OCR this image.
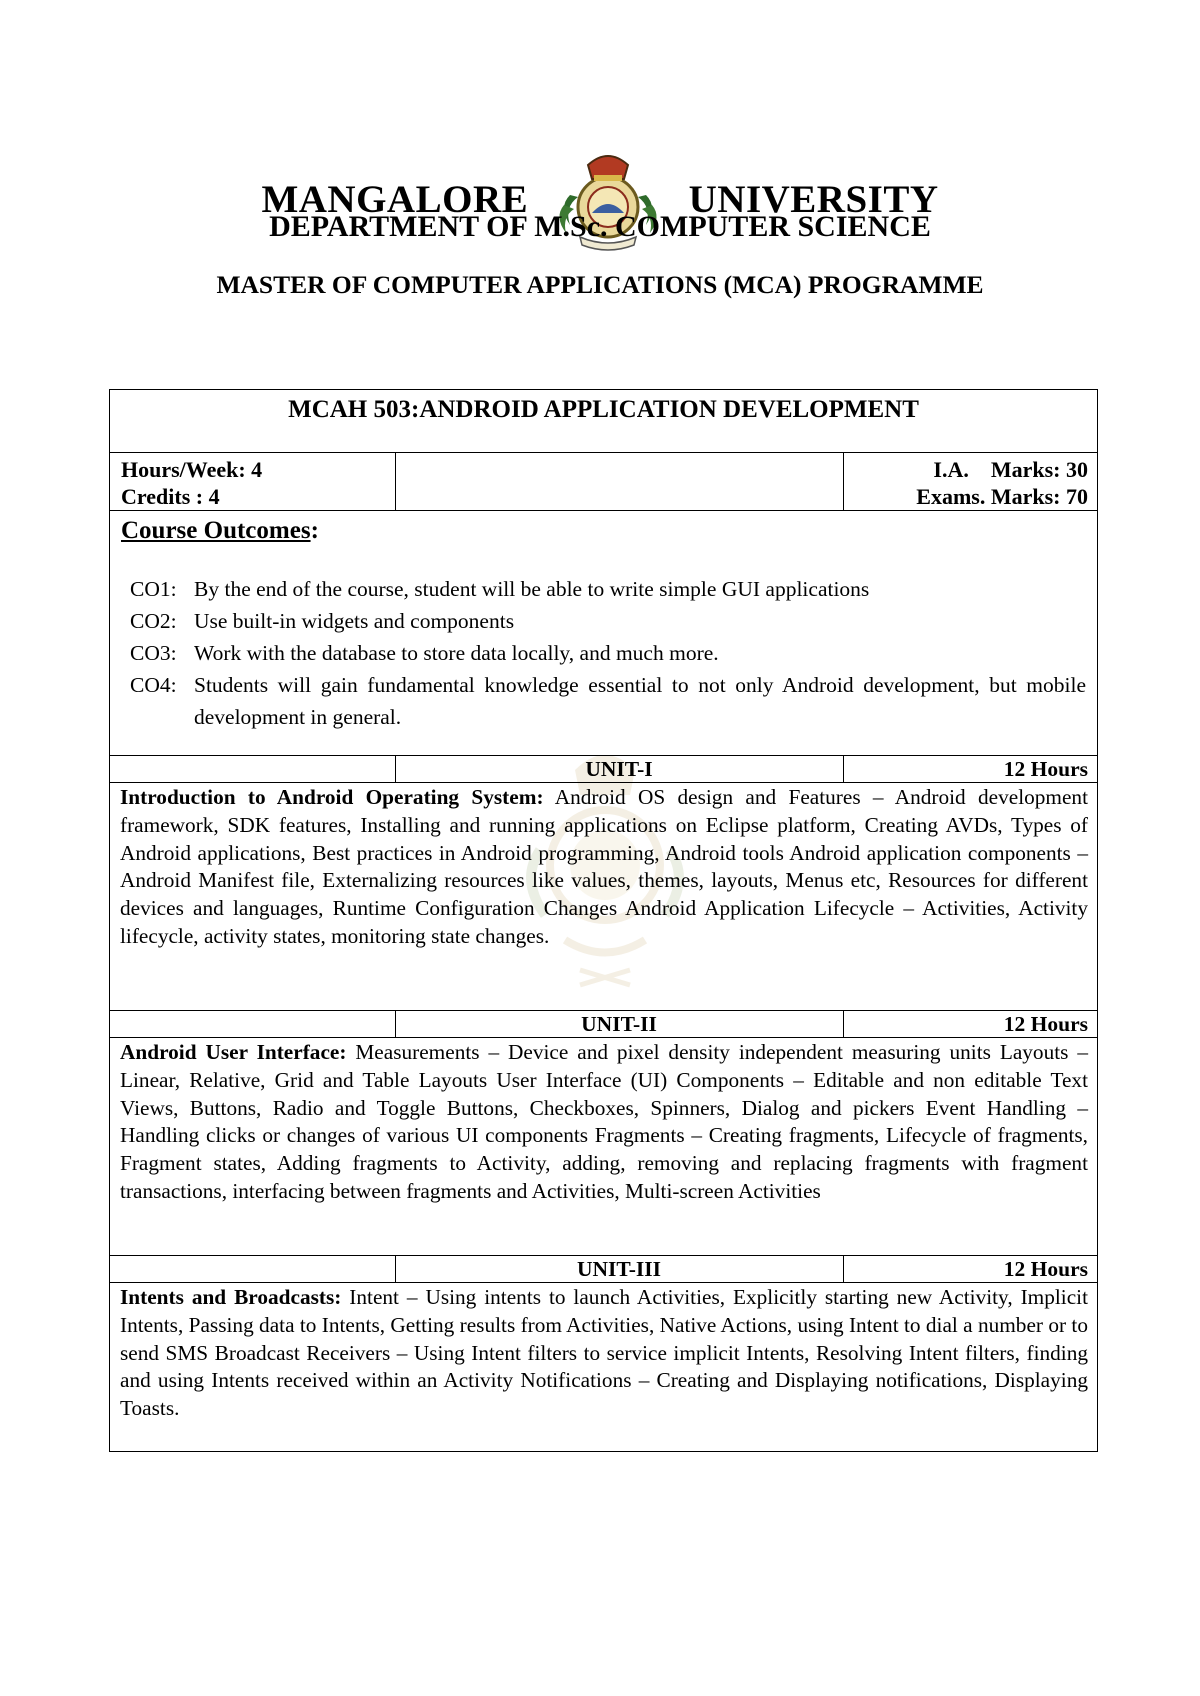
MANGALORE	UNIVERSITY
DEPARTMENT OF M.Sc. COMPUTER SCIENCE
MASTER OF COMPUTER APPLICATIONS (MCA) PROGRAMME
MCAH 503:ANDROID APPLICATION DEVELOPMENT
Hours/Week: 4
Credits : 4
I.A. Marks: 30
Exams. Marks: 70
Course Outcomes:
CO1: By the end of the course, student will be able to write simple GUI applications
CO2: Use built-in widgets and components
CO3: Work with the database to store data locally, and much more.
CO4: Students will gain fundamental knowledge essential to not only Android development, but mobile development in general.
UNIT-I	12 Hours
Introduction to Android Operating System: Android OS design and Features – Android development framework, SDK features, Installing and running applications on Eclipse platform, Creating AVDs, Types of Android applications, Best practices in Android programming, Android tools Android application components – Android Manifest file, Externalizing resources like values, themes, layouts, Menus etc, Resources for different devices and languages, Runtime Configuration Changes Android Application Lifecycle – Activities, Activity lifecycle, activity states, monitoring state changes.
UNIT-II	12 Hours
Android User Interface: Measurements – Device and pixel density independent measuring units Layouts – Linear, Relative, Grid and Table Layouts User Interface (UI) Components – Editable and non editable Text Views, Buttons, Radio and Toggle Buttons, Checkboxes, Spinners, Dialog and pickers Event Handling – Handling clicks or changes of various UI components Fragments – Creating fragments, Lifecycle of fragments, Fragment states, Adding fragments to Activity, adding, removing and replacing fragments with fragment transactions, interfacing between fragments and Activities, Multi-screen Activities
UNIT-III	12 Hours
Intents and Broadcasts: Intent – Using intents to launch Activities, Explicitly starting new Activity, Implicit Intents, Passing data to Intents, Getting results from Activities, Native Actions, using Intent to dial a number or to send SMS Broadcast Receivers – Using Intent filters to service implicit Intents, Resolving Intent filters, finding and using Intents received within an Activity Notifications – Creating and Displaying notifications, Displaying Toasts.
